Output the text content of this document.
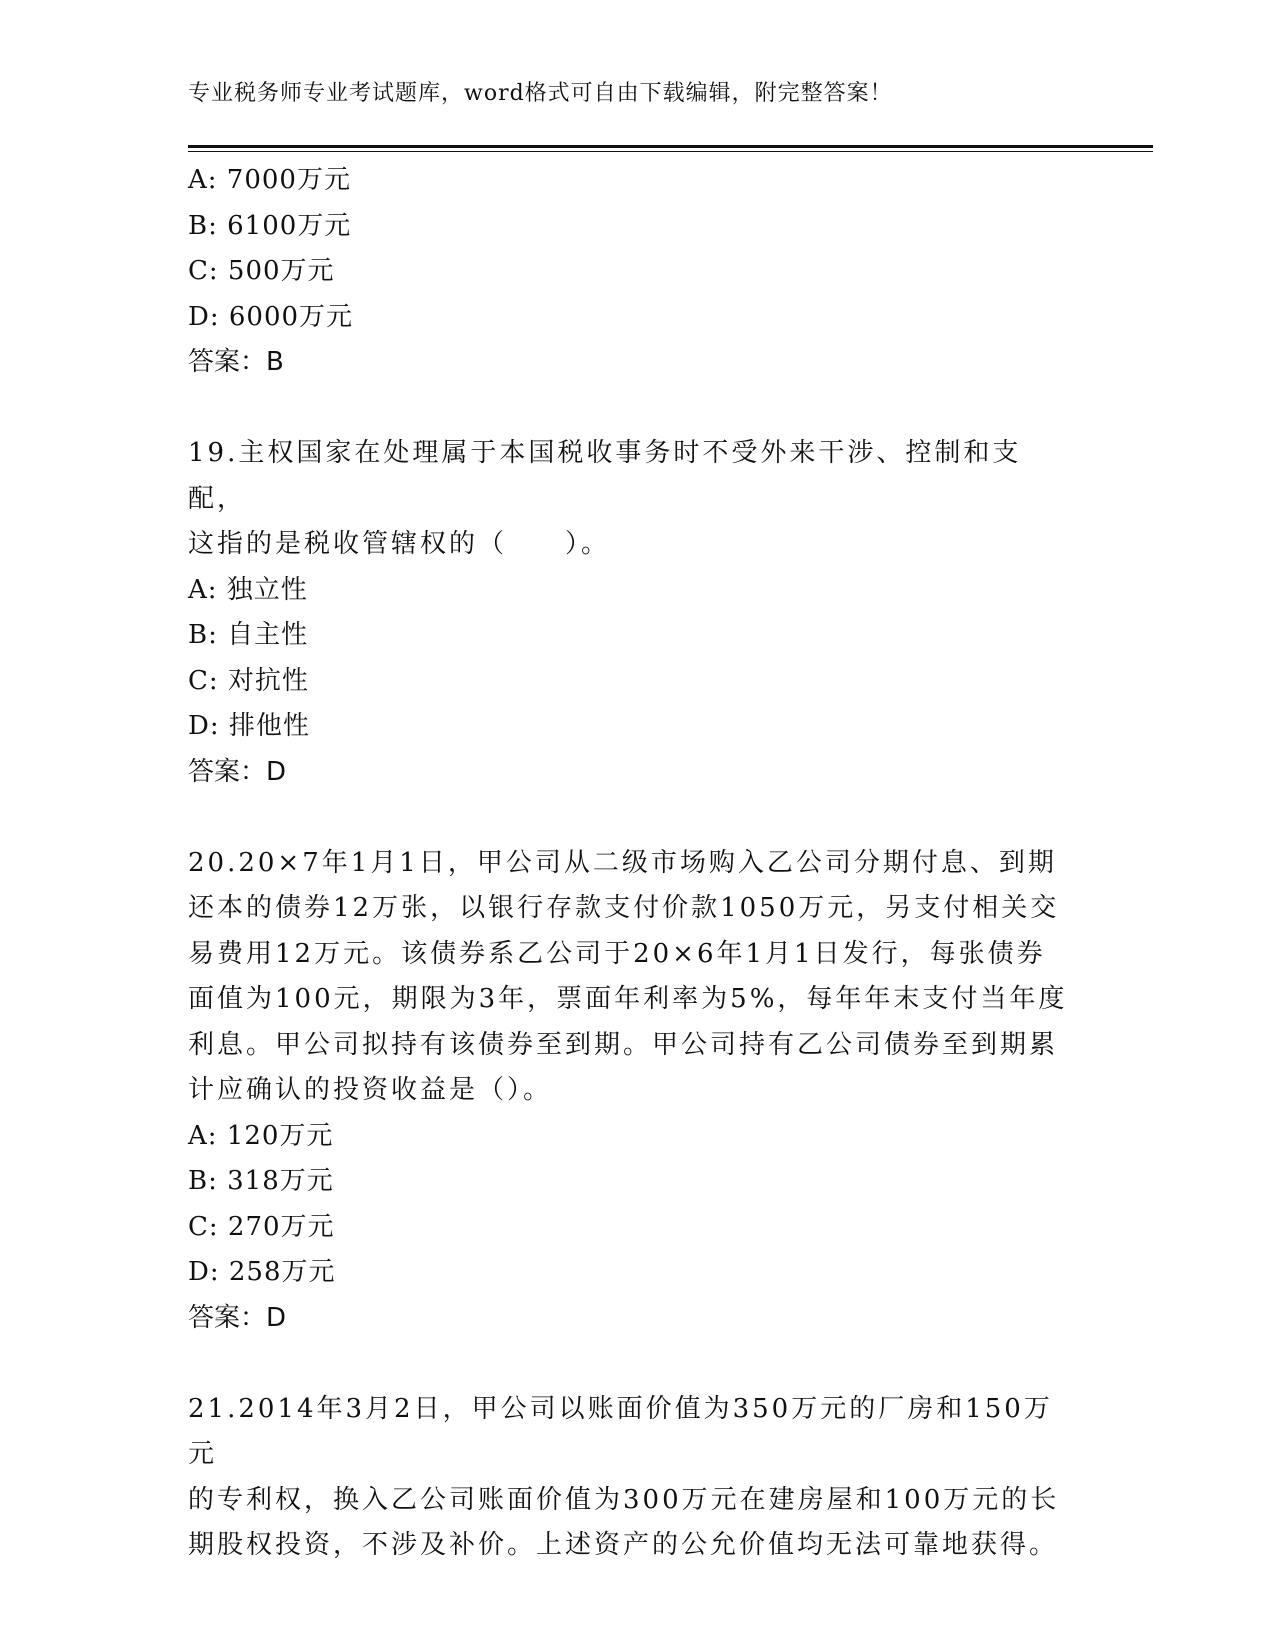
专业税务师专业考试题库，word格式可自由下载编辑，附完整答案！
A: 7000万元
B: 6100万元
C: 500万元
D: 6000万元
答案：B
19.主权国家在处理属于本国税收事务时不受外来干涉、控制和支配，
这指的是税收管辖权的（　　）。
A: 独立性
B: 自主性
C: 对抗性
D: 排他性
答案：D
20.20×7年1月1日，甲公司从二级市场购入乙公司分期付息、到期
还本的债券12万张，以银行存款支付价款1050万元，另支付相关交
易费用12万元。该债券系乙公司于20×6年1月1日发行，每张债券
面值为100元，期限为3年，票面年利率为5%，每年年末支付当年度
利息。甲公司拟持有该债券至到期。甲公司持有乙公司债券至到期累
计应确认的投资收益是（）。
A: 120万元
B: 318万元
C: 270万元
D: 258万元
答案：D
21.2014年3月2日，甲公司以账面价值为350万元的厂房和150万元
的专利权，换入乙公司账面价值为300万元在建房屋和100万元的长
期股权投资，不涉及补价。上述资产的公允价值均无法可靠地获得。
